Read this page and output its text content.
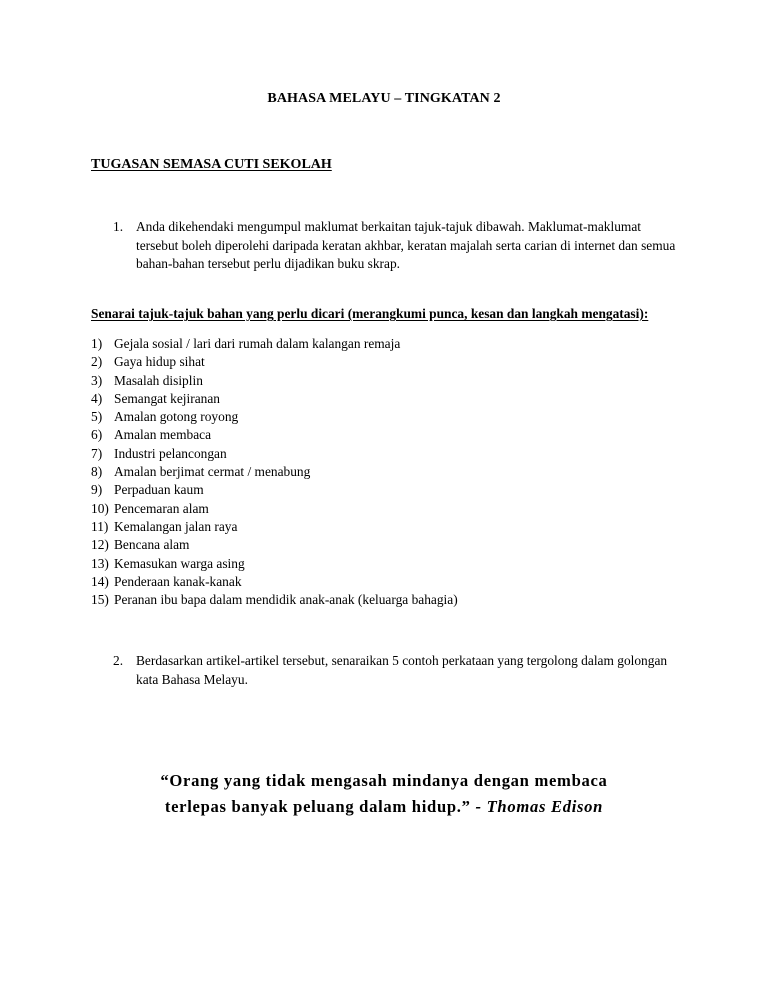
BAHASA MELAYU – TINGKATAN 2
TUGASAN SEMASA CUTI SEKOLAH
1. Anda dikehendaki mengumpul maklumat berkaitan tajuk-tajuk dibawah. Maklumat-maklumat tersebut boleh diperolehi daripada keratan akhbar, keratan majalah serta carian di internet dan semua bahan-bahan tersebut perlu dijadikan buku skrap.
Senarai tajuk-tajuk bahan yang perlu dicari (merangkumi punca, kesan dan langkah mengatasi):
1) Gejala sosial / lari dari rumah dalam kalangan remaja
2) Gaya hidup sihat
3) Masalah disiplin
4) Semangat kejiranan
5) Amalan gotong royong
6) Amalan membaca
7) Industri pelancongan
8) Amalan berjimat cermat / menabung
9) Perpaduan kaum
10) Pencemaran alam
11) Kemalangan jalan raya
12) Bencana alam
13) Kemasukan warga asing
14) Penderaan kanak-kanak
15) Peranan ibu bapa dalam mendidik anak-anak (keluarga bahagia)
2. Berdasarkan artikel-artikel tersebut, senaraikan 5 contoh perkataan yang tergolong dalam golongan kata Bahasa Melayu.
“Orang yang tidak mengasah mindanya dengan membaca
terlepas banyak peluang dalam hidup.” - Thomas Edison
